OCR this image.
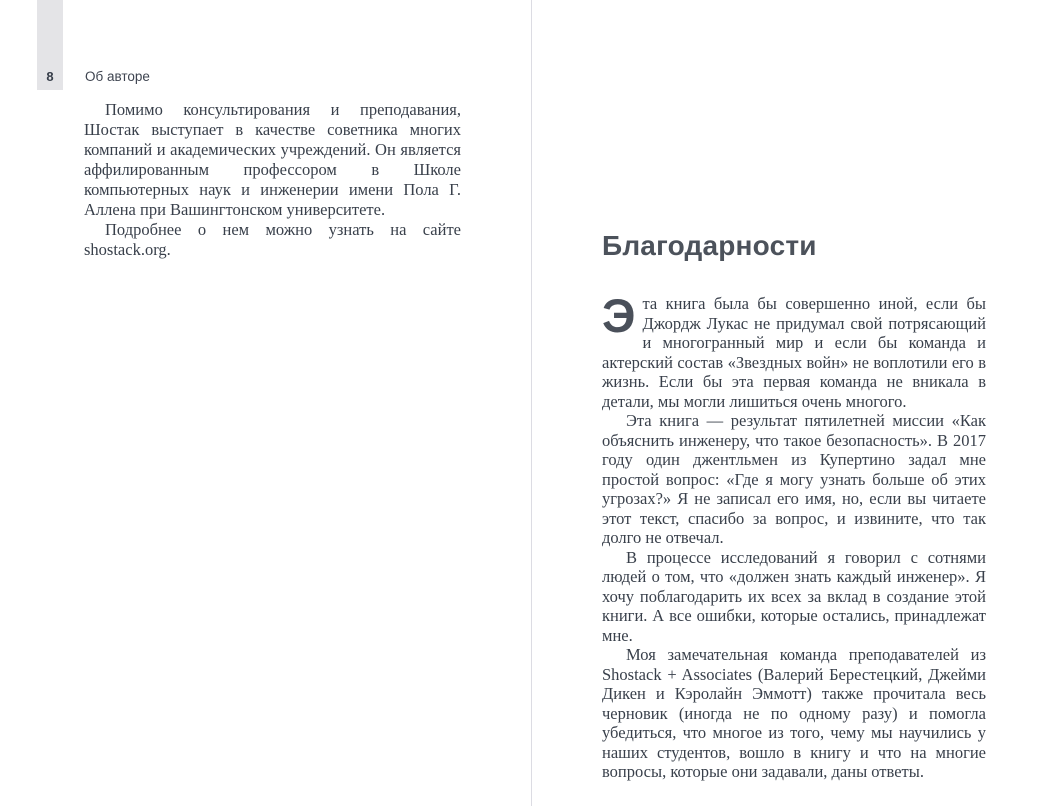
8 Об авторе

Помимо консультирования и преподавания, Шостак выступает в качестве советника многих компаний и академических учреждений. Он является аффилированным профессором в Школе компьютерных наук и инженерии имени Пола Г. Аллена при Вашингтонском университете.

Подробнее о нем можно узнать на сайте shostack.org.	Благодарности

Эта книга была бы совершенно иной, если бы Джордж Лукас не придумал свой потрясающий и многогранный мир и если бы команда и актерский состав «Звездных войн» не воплотили его в жизнь. Если бы эта первая команда не вникала в детали, мы могли лишиться очень многого.

Эта книга — результат пятилетней миссии «Как объяснить инженеру, что такое безопасность». В 2017 году один джентльмен из Купертино задал мне простой вопрос: «Где я могу узнать больше об этих угрозах?» Я не записал его имя, но, если вы читаете этот текст, спасибо за вопрос, и извините, что так долго не отвечал.

В процессе исследований я говорил с сотнями людей о том, что «должен знать каждый инженер». Я хочу поблагодарить их всех за вклад в создание этой книги. А все ошибки, которые остались, принадлежат мне.

Моя замечательная команда преподавателей из Shostack + Associates (Валерий Берестецкий, Джейми Дикен и Кэролайн Эммотт) также прочитала весь черновик (иногда не по одному разу) и помогла убедиться, что многое из того, чему мы научились у наших студентов, вошло в книгу и что на многие вопросы, которые они задавали, даны ответы.
